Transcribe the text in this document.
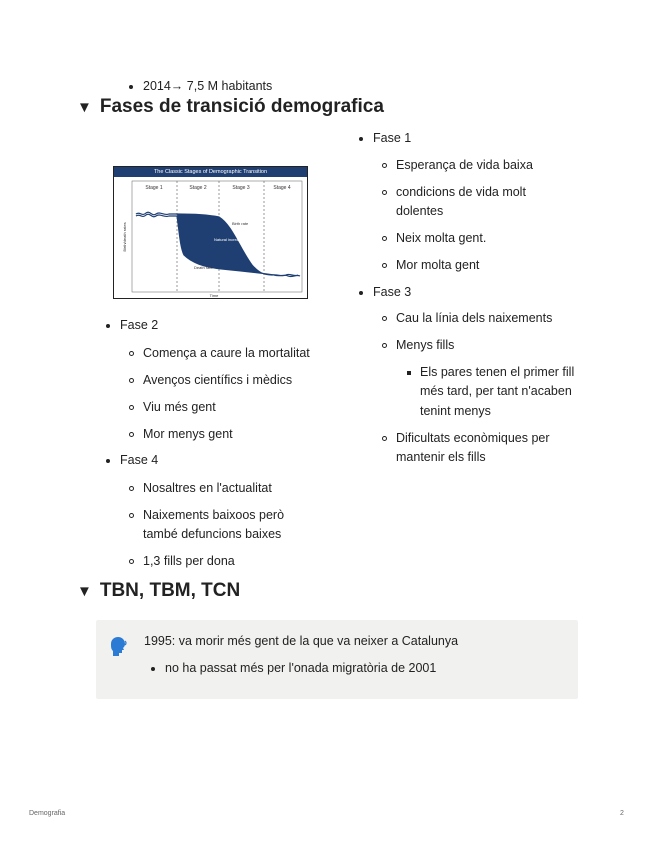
2014→ 7,5 M habitants
▼ Fases de transició demografica
The Classic Stages of Demographic Transition
Stage 1	Stage 2	Stage 3	Stage 4
Birth rate
Natural increase
Death rate
Birth/death rates
Time
Fase 2
Comença a caure la mortalitat
Avenços científics i mèdics
Viu més gent
Mor menys gent
Fase 4
Nosaltres en l'actualitat
Naixements baixoos però també defuncions baixes
1,3 fills per dona
Fase 1
Esperança de vida baixa
condicions de vida molt dolentes
Neix molta gent.
Mor molta gent
Fase 3
Cau la línia dels naixements
Menys fills
Els pares tenen el primer fill més tard, per tant n'acaben tenint menys
Dificultats econòmiques per mantenir els fills
▼ TBN, TBM, TCN
1995: va morir més gent de la que va neixer a Catalunya
no ha passat més per l'onada migratòria de 2001
Demografia	2
